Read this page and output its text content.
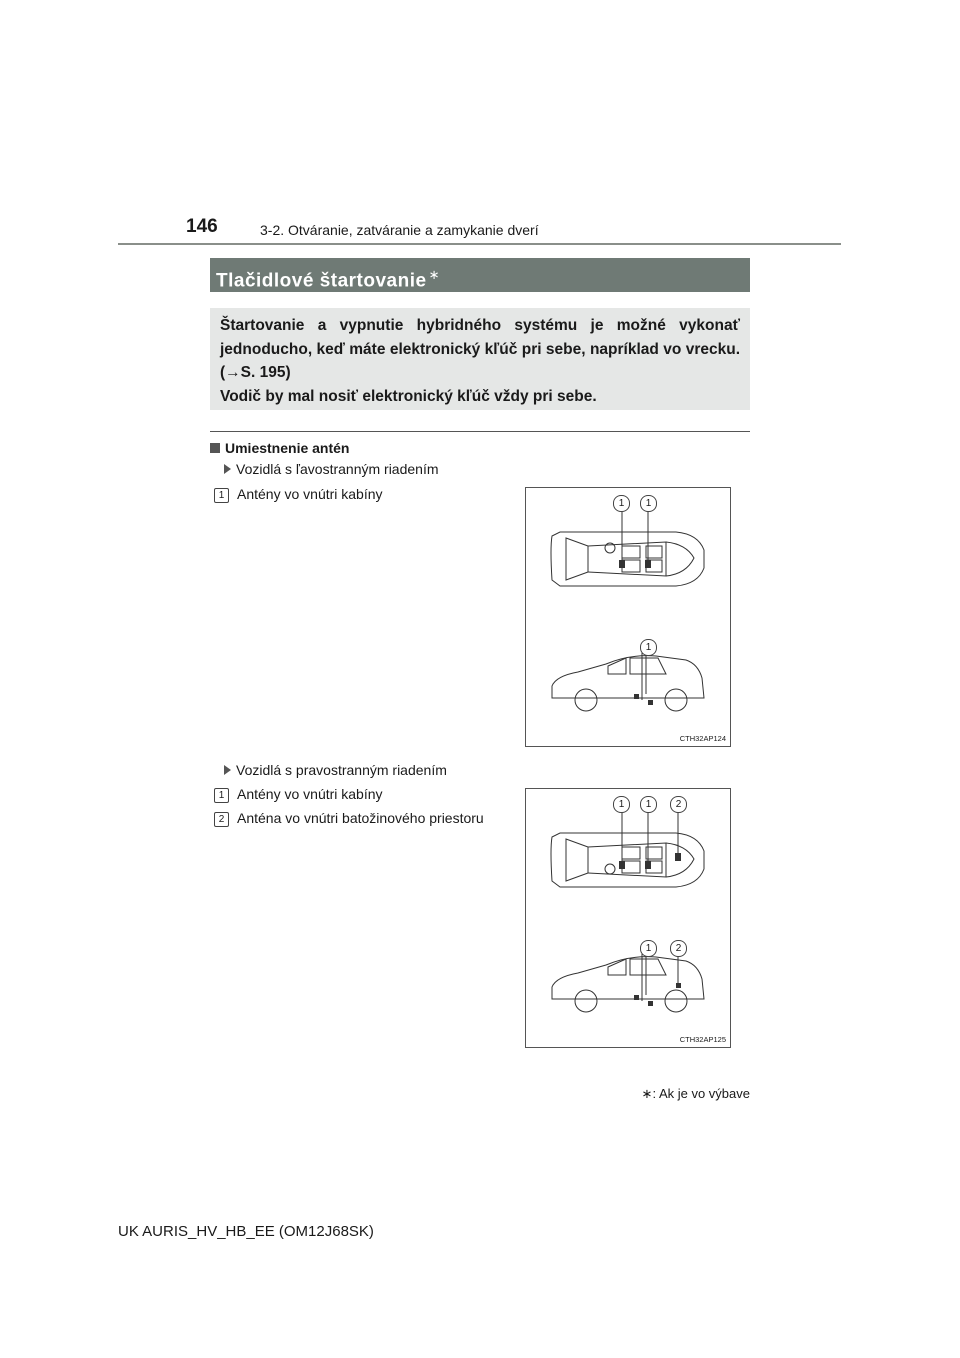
146	3-2. Otváranie, zatváranie a zamykanie dverí
Tlačidlové štartovanie ∗

Štartovanie a vypnutie hybridného systému je možné vykonať jednoducho, keď máte elektronický kľúč pri sebe, napríklad vo vrecku. (→S. 195)

Vodič by mal nosiť elektronický kľúč vždy pri sebe.

Umiestnenie antén
Vozidlá s ľavostranným riadením
1 Antény vo vnútri kabíny
1	1
1
CTH32AP124
Vozidlá s pravostranným riadením
1 Antény vo vnútri kabíny
2 Anténa vo vnútri batožinového priestoru
1	1	2
1	2
CTH32AP125
∗: Ak je vo výbave
UK AURIS_HV_HB_EE (OM12J68SK)
